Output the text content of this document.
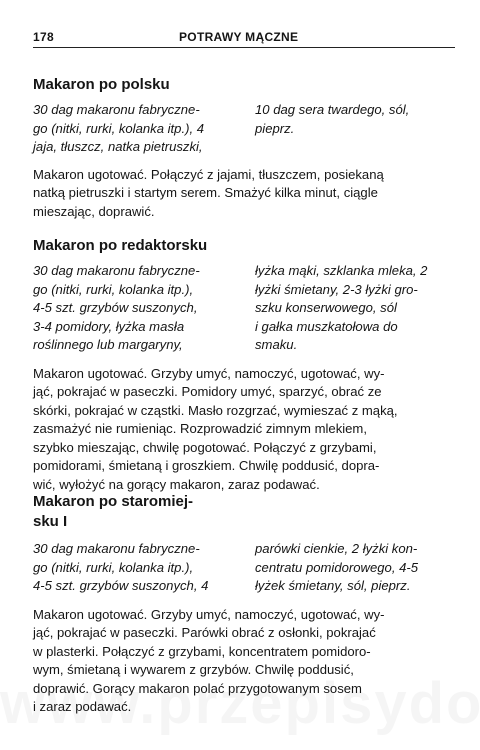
178	POTRAWY MĄCZNE
Makaron po polsku
30 dag makaronu fabryczne-
go (nitki, rurki, kolanka itp.), 4
jaja, tłuszcz, natka pietruszki,
10 dag sera twardego, sól,
pieprz.
Makaron ugotować. Połączyć z jajami, tłuszczem, posiekaną
natką pietruszki i startym serem. Smażyć kilka minut, ciągle
mieszając, doprawić.
Makaron po redaktorsku
30 dag makaronu fabryczne-
go (nitki, rurki, kolanka itp.),
4-5 szt. grzybów suszonych,
3-4 pomidory, łyżka masła
roślinnego lub margaryny,
łyżka mąki, szklanka mleka, 2
łyżki śmietany, 2-3 łyżki gro-
szku konserwowego, sól
i gałka muszkatołowa do
smaku.
Makaron ugotować. Grzyby umyć, namoczyć, ugotować, wy-
jąć, pokrajać w paseczki. Pomidory umyć, sparzyć, obrać ze
skórki, pokrajać w cząstki. Masło rozgrzać, wymieszać z mąką,
zasmażyć nie rumieniąc. Rozprowadzić zimnym mlekiem,
szybko mieszając, chwilę pogotować. Połączyć z grzybami,
pomidorami, śmietaną i groszkiem. Chwilę poddusić, dopra-
wić, wyłożyć na gorący makaron, zaraz podawać.
Makaron po staromiej-
sku I
30 dag makaronu fabryczne-
go (nitki, rurki, kolanka itp.),
4-5 szt. grzybów suszonych, 4
parówki cienkie, 2 łyżki kon-
centratu pomidorowego, 4-5
łyżek śmietany, sól, pieprz.
Makaron ugotować. Grzyby umyć, namoczyć, ugotować, wy-
jąć, pokrajać w paseczki. Parówki obrać z osłonki, pokrajać
w plasterki. Połączyć z grzybami, koncentratem pomidoro-
wym, śmietaną i wywarem z grzybów. Chwilę poddusić,
doprawić. Gorący makaron polać przygotowanym sosem
i zaraz podawać.
